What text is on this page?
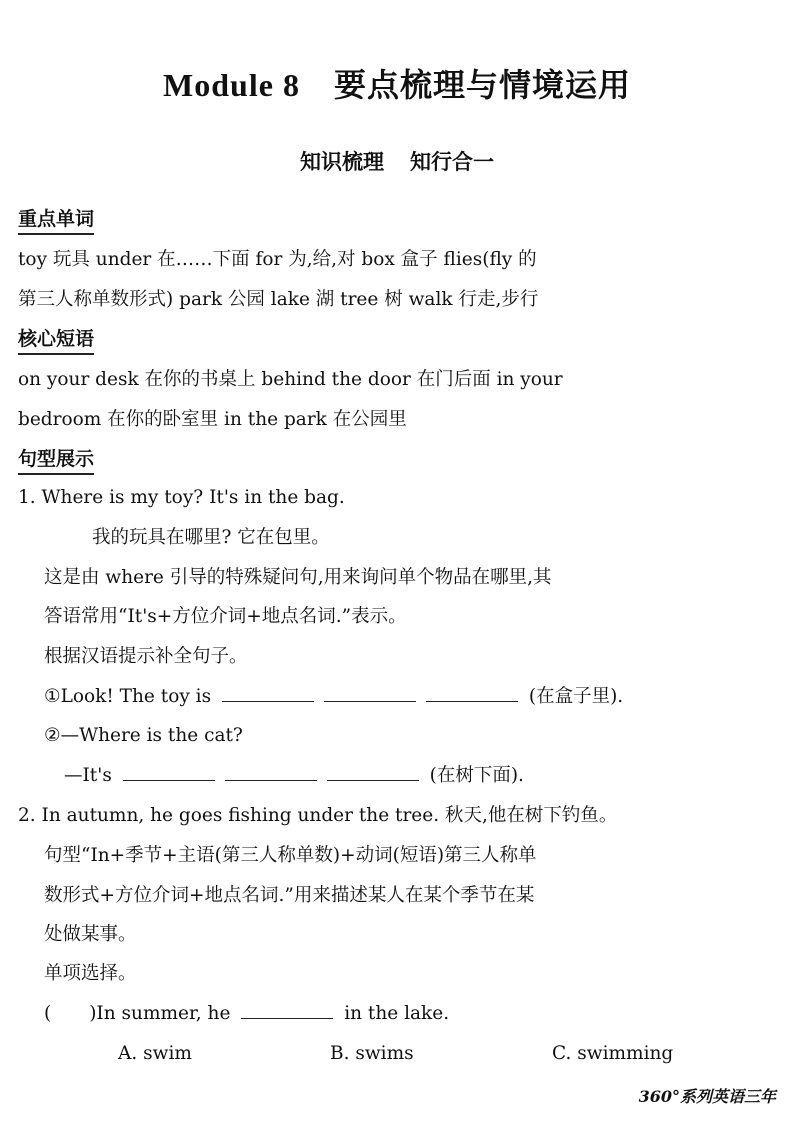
Module 8 要点梳理与情境运用
知识梳理 知行合一
重点单词
toy 玩具 under 在……下面 for 为,给,对 box 盒子 flies(fly 的
第三人称单数形式) park 公园 lake 湖 tree 树 walk 行走,步行
核心短语
on your desk 在你的书桌上 behind the door 在门后面 in your
bedroom 在你的卧室里 in the park 在公园里
句型展示
1. Where is my toy? It's in the bag.
我的玩具在哪里? 它在包里。
这是由 where 引导的特殊疑问句,用来询问单个物品在哪里,其
答语常用“It's+方位介词+地点名词.”表示。
根据汉语提示补全句子。
①Look! The toy is	(在盒子里).
②—Where is the cat?
—It's	(在树下面).
2. In autumn, he goes fishing under the tree. 秋天,他在树下钓鱼。
句型“In+季节+主语(第三人称单数)+动词(短语)第三人称单
数形式+方位介词+地点名词.”用来描述某人在某个季节在某
处做某事。
单项选择。
( )In summer, he	in the lake.
A. swim	B. swims	C. swimming
360°系列英语三年
